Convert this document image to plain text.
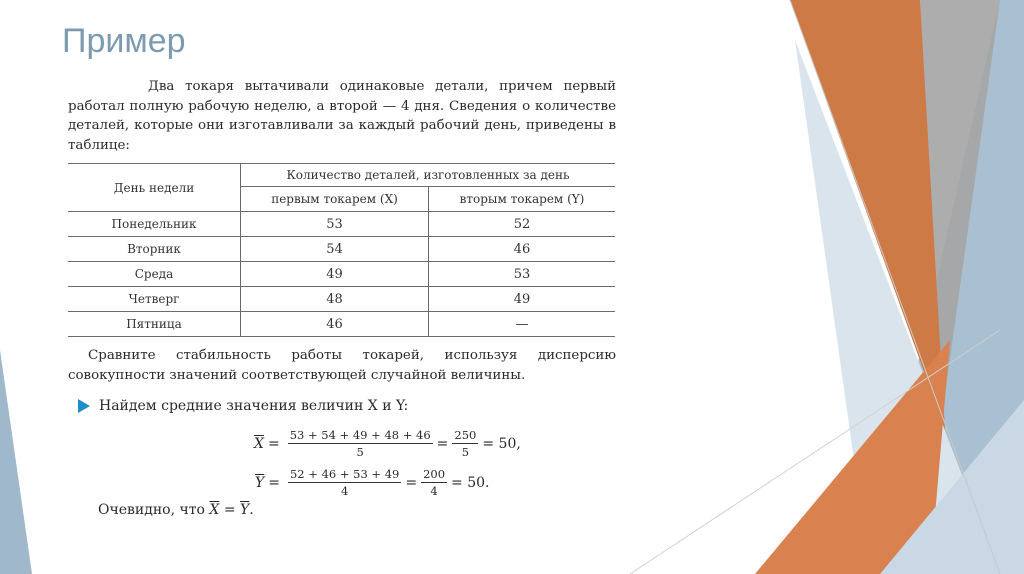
Пример

Два токаря вытачивали одинаковые детали, причем первый работал полную рабочую неделю, а второй — 4 дня. Сведения о количестве деталей, которые они изготавливали за каждый рабочий день, приведены в таблице:

День недели	Количество деталей, изготовленных за день	
	первым токарем (X)	вторым токарем (Y)
Понедельник	53	52
Вторник	54	46
Среда	49	53
Четверг	48	49
Пятница	46	—

Сравните стабильность работы токарей, используя дисперсию совокупности значений соответствующей случайной величины.

Найдем средние значения величин X и Y:
$\overline{X} = \frac{53 + 54 + 49 + 48 + 46}{5} = \frac{250}{5} = 50$,
$\overline{Y} = \frac{52 + 46 + 53 + 49}{4} = \frac{200}{4} = 50$.
Очевидно, что $\overline{X} = \overline{Y}$.
